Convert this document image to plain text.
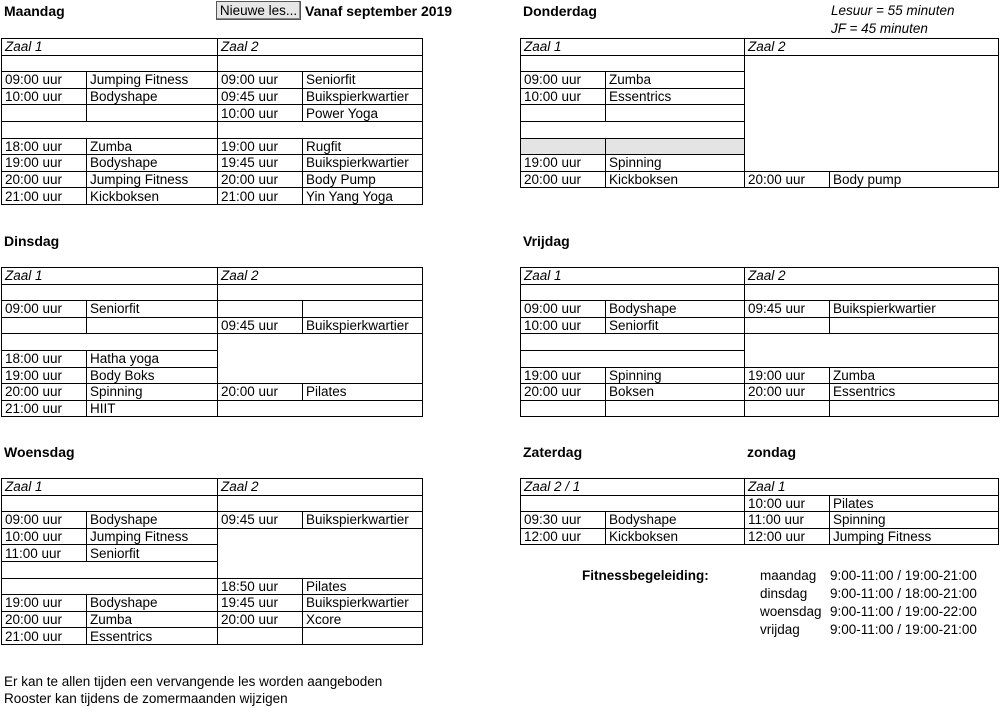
Maandag	Nieuwe les... Vanaf september 2019	Donderdag	Lesuur = 55 minuten
JF = 45 minuten
Zaal 1		Zaal 2	

09:00 uur	Jumping Fitness	09:00 uur	Seniorfit
10:00 uur	Bodyshape	09:45 uur	Buikspierkwartier
		10:00 uur	Power Yoga

18:00 uur	Zumba	19:00 uur	Rugfit
19:00 uur	Bodyshape	19:45 uur	Buikspierkwartier
20:00 uur	Jumping Fitness	20:00 uur	Body Pump
21:00 uur	Kickboksen	21:00 uur	Yin Yang Yoga
Zaal 1		Zaal 2	

09:00 uur	Zumba		
10:00 uur	Essentrics		

19:00 uur	Spinning		
20:00 uur	Kickboksen	20:00 uur	Body pump
Dinsdag
Zaal 1		Zaal 2	

09:00 uur	Seniorfit		
		09:45 uur	Buikspierkwartier

18:00 uur	Hatha yoga		
19:00 uur	Body Boks		
20:00 uur	Spinning	20:00 uur	Pilates
21:00 uur	HIIT		
Vrijdag
Zaal 1		Zaal 2	

09:00 uur	Bodyshape	09:45 uur	Buikspierkwartier
10:00 uur	Seniorfit		

19:00 uur	Spinning	19:00 uur	Zumba
20:00 uur	Boksen	20:00 uur	Essentrics

Woensdag
Zaal 1		Zaal 2	

09:00 uur	Bodyshape	09:45 uur	Buikspierkwartier
10:00 uur	Jumping Fitness		
11:00 uur	Seniorfit		

		18:50 uur	Pilates
19:00 uur	Bodyshape	19:45 uur	Buikspierkwartier
20:00 uur	Zumba	20:00 uur	Xcore
21:00 uur	Essentrics		
Zaterdag	zondag
Zaal 2 / 1		Zaal 1	
		10:00 uur	Pilates
09:30 uur	Bodyshape	11:00 uur	Spinning
12:00 uur	Kickboksen	12:00 uur	Jumping Fitness
Fitnessbegeleiding:	maandag 9:00-11:00 / 19:00-21:00
dinsdag 9:00-11:00 / 18:00-21:00
woensdag 9:00-11:00 / 19:00-22:00
vrijdag 9:00-11:00 / 19:00-21:00
Er kan te allen tijden een vervangende les worden aangeboden
Rooster kan tijdens de zomermaanden wijzigen
